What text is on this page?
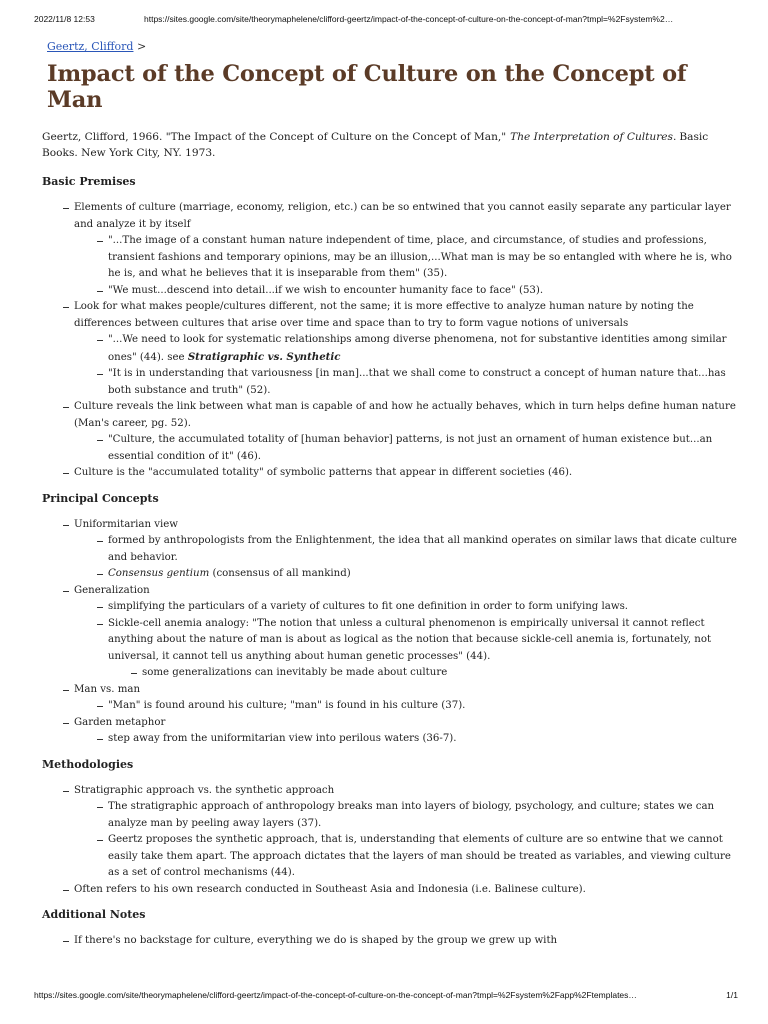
2022/11/8 12:53	https://sites.google.com/site/theorymaphelene/clifford-geertz/impact-of-the-concept-of-culture-on-the-concept-of-man?tmpl=%2Fsystem%2…
Geertz, Clifford >
Impact of the Concept of Culture on the Concept of Man

Geertz, Clifford, 1966. "The Impact of the Concept of Culture on the Concept of Man," The Interpretation of Cultures. Basic Books. New York City, NY. 1973.

Basic Premises
Elements of culture (marriage, economy, religion, etc.) can be so entwined that you cannot easily separate any particular layer and analyze it by itself
"...The image of a constant human nature independent of time, place, and circumstance, of studies and professions, transient fashions and temporary opinions, may be an illusion,...What man is may be so entangled with where he is, who he is, and what he believes that it is inseparable from them" (35).
"We must...descend into detail...if we wish to encounter humanity face to face" (53).
Look for what makes people/cultures different, not the same; it is more effective to analyze human nature by noting the differences between cultures that arise over time and space than to try to form vague notions of universals
"...We need to look for systematic relationships among diverse phenomena, not for substantive identities among similar ones" (44). see Stratigraphic vs. Synthetic
"It is in understanding that variousness [in man]...that we shall come to construct a concept of human nature that...has both substance and truth" (52).
Culture reveals the link between what man is capable of and how he actually behaves, which in turn helps define human nature (Man's career, pg. 52).
"Culture, the accumulated totality of [human behavior] patterns, is not just an ornament of human existence but...an essential condition of it" (46).
Culture is the "accumulated totality" of symbolic patterns that appear in different societies (46).
Principal Concepts
Uniformitarian view
formed by anthropologists from the Enlightenment, the idea that all mankind operates on similar laws that dicate culture and behavior.
Consensus gentium (consensus of all mankind)
Generalization
simplifying the particulars of a variety of cultures to fit one definition in order to form unifying laws.
Sickle-cell anemia analogy: "The notion that unless a cultural phenomenon is empirically universal it cannot reflect anything about the nature of man is about as logical as the notion that because sickle-cell anemia is, fortunately, not universal, it cannot tell us anything about human genetic processes" (44).
some generalizations can inevitably be made about culture
Man vs. man
"Man" is found around his culture; "man" is found in his culture (37).
Garden metaphor
step away from the uniformitarian view into perilous waters (36-7).
Methodologies
Stratigraphic approach vs. the synthetic approach
The stratigraphic approach of anthropology breaks man into layers of biology, psychology, and culture; states we can analyze man by peeling away layers (37).
Geertz proposes the synthetic approach, that is, understanding that elements of culture are so entwine that we cannot easily take them apart. The approach dictates that the layers of man should be treated as variables, and viewing culture as a set of control mechanisms (44).
Often refers to his own research conducted in Southeast Asia and Indonesia (i.e. Balinese culture).
Additional Notes
If there's no backstage for culture, everything we do is shaped by the group we grew up with
https://sites.google.com/site/theorymaphelene/clifford-geertz/impact-of-the-concept-of-culture-on-the-concept-of-man?tmpl=%2Fsystem%2Fapp%2Ftemplates…	1/1
